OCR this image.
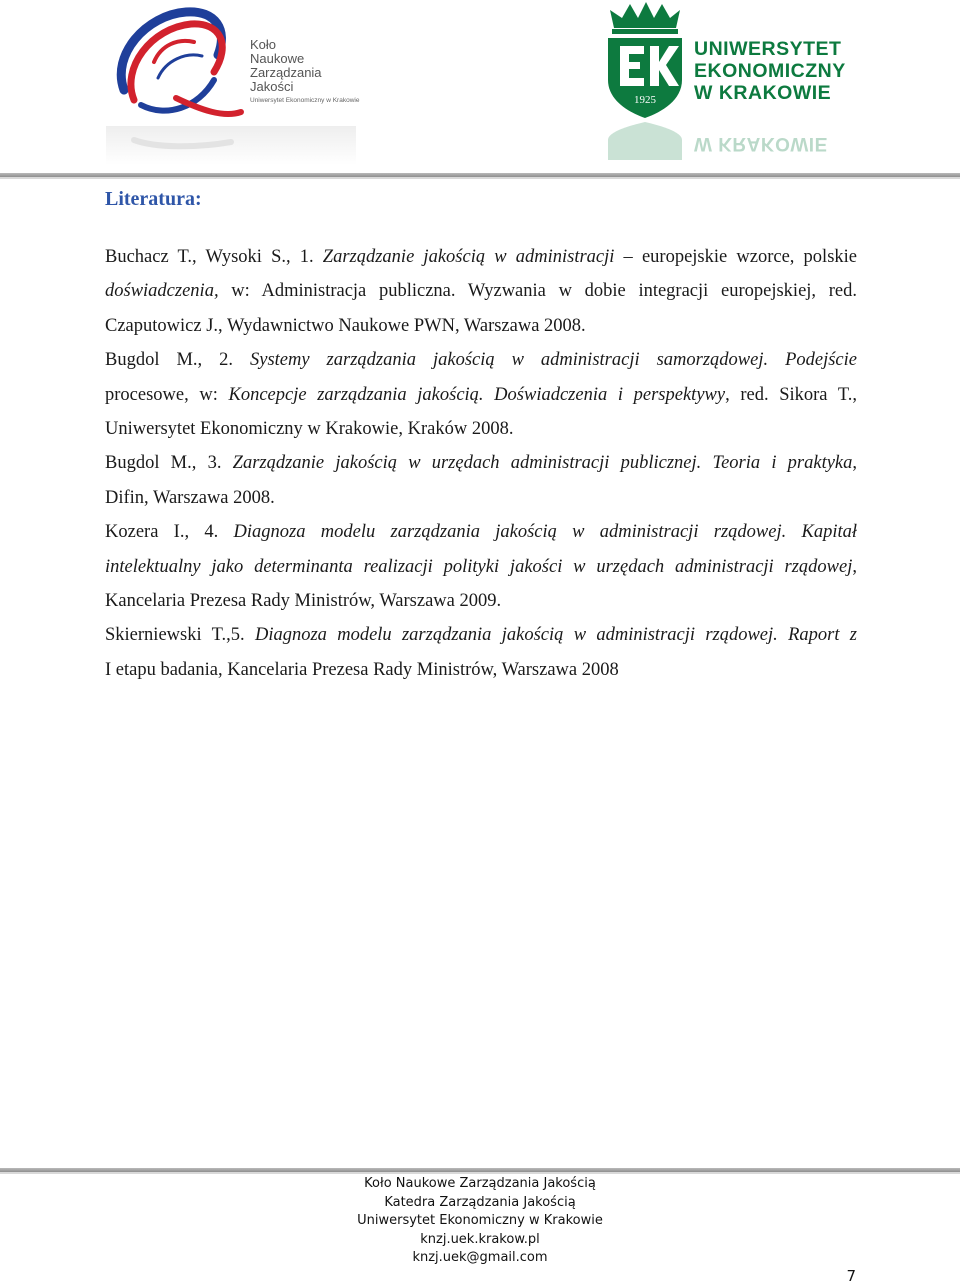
Koło
Naukowe
Zarządzania
Jakości
Uniwersytet Ekonomiczny w Krakowie	1925
UNIWERSYTET
EKONOMICZNY
W KRAKOWIE
W KRAKOWIE
Literatura:
Buchacz T., Wysoki S., 1. Zarządzanie jakością w administracji – europejskie wzorce, polskie
doświadczenia, w: Administracja publiczna. Wyzwania w dobie integracji europejskiej, red.
Czaputowicz J., Wydawnictwo Naukowe PWN, Warszawa 2008.
Bugdol M., 2. Systemy zarządzania jakością w administracji samorządowej. Podejście
procesowe, w: Koncepcje zarządzania jakością. Doświadczenia i perspektywy, red. Sikora T.,
Uniwersytet Ekonomiczny w Krakowie, Kraków 2008.
Bugdol M., 3. Zarządzanie jakością w urzędach administracji publicznej. Teoria i praktyka,
Difin, Warszawa 2008.
Kozera I., 4. Diagnoza modelu zarządzania jakością w administracji rządowej. Kapitał
intelektualny jako determinanta realizacji polityki jakości w urzędach administracji rządowej,
Kancelaria Prezesa Rady Ministrów, Warszawa 2009.
Skierniewski T.,5. Diagnoza modelu zarządzania jakością w administracji rządowej. Raport z
I etapu badania, Kancelaria Prezesa Rady Ministrów, Warszawa 2008
Koło Naukowe Zarządzania Jakością
Katedra Zarządzania Jakością
Uniwersytet Ekonomiczny w Krakowie
knzj.uek.krakow.pl
knzj.uek@gmail.com
7
